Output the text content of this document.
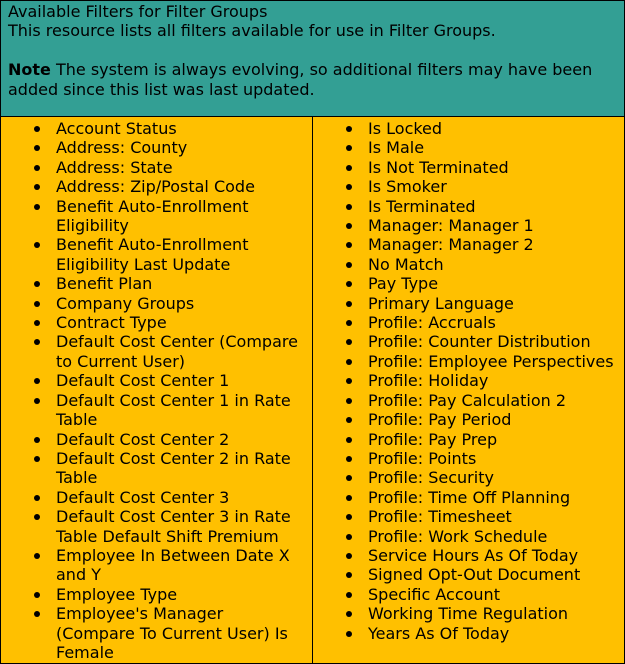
Available Filters for Filter Groups

This resource lists all filters available for use in Filter Groups.

Note The system is always evolving, so additional filters may have been added since this list was last updated.

Account Status
Address: County
Address: State
Address: Zip/Postal Code
Benefit Auto-Enrollment Eligibility
Benefit Auto-Enrollment Eligibility Last Update
Benefit Plan
Company Groups
Contract Type
Default Cost Center (Compare to Current User)
Default Cost Center 1
Default Cost Center 1 in Rate Table
Default Cost Center 2
Default Cost Center 2 in Rate Table
Default Cost Center 3
Default Cost Center 3 in Rate Table Default Shift Premium
Employee In Between Date X and Y
Employee Type
Employee's Manager (Compare To Current User) Is Female
Is Locked
Is Male
Is Not Terminated
Is Smoker
Is Terminated
Manager: Manager 1
Manager: Manager 2
No Match
Pay Type
Primary Language
Profile: Accruals
Profile: Counter Distribution
Profile: Employee Perspectives
Profile: Holiday
Profile: Pay Calculation 2
Profile: Pay Period
Profile: Pay Prep
Profile: Points
Profile: Security
Profile: Time Off Planning
Profile: Timesheet
Profile: Work Schedule
Service Hours As Of Today
Signed Opt-Out Document
Specific Account
Working Time Regulation
Years As Of Today
